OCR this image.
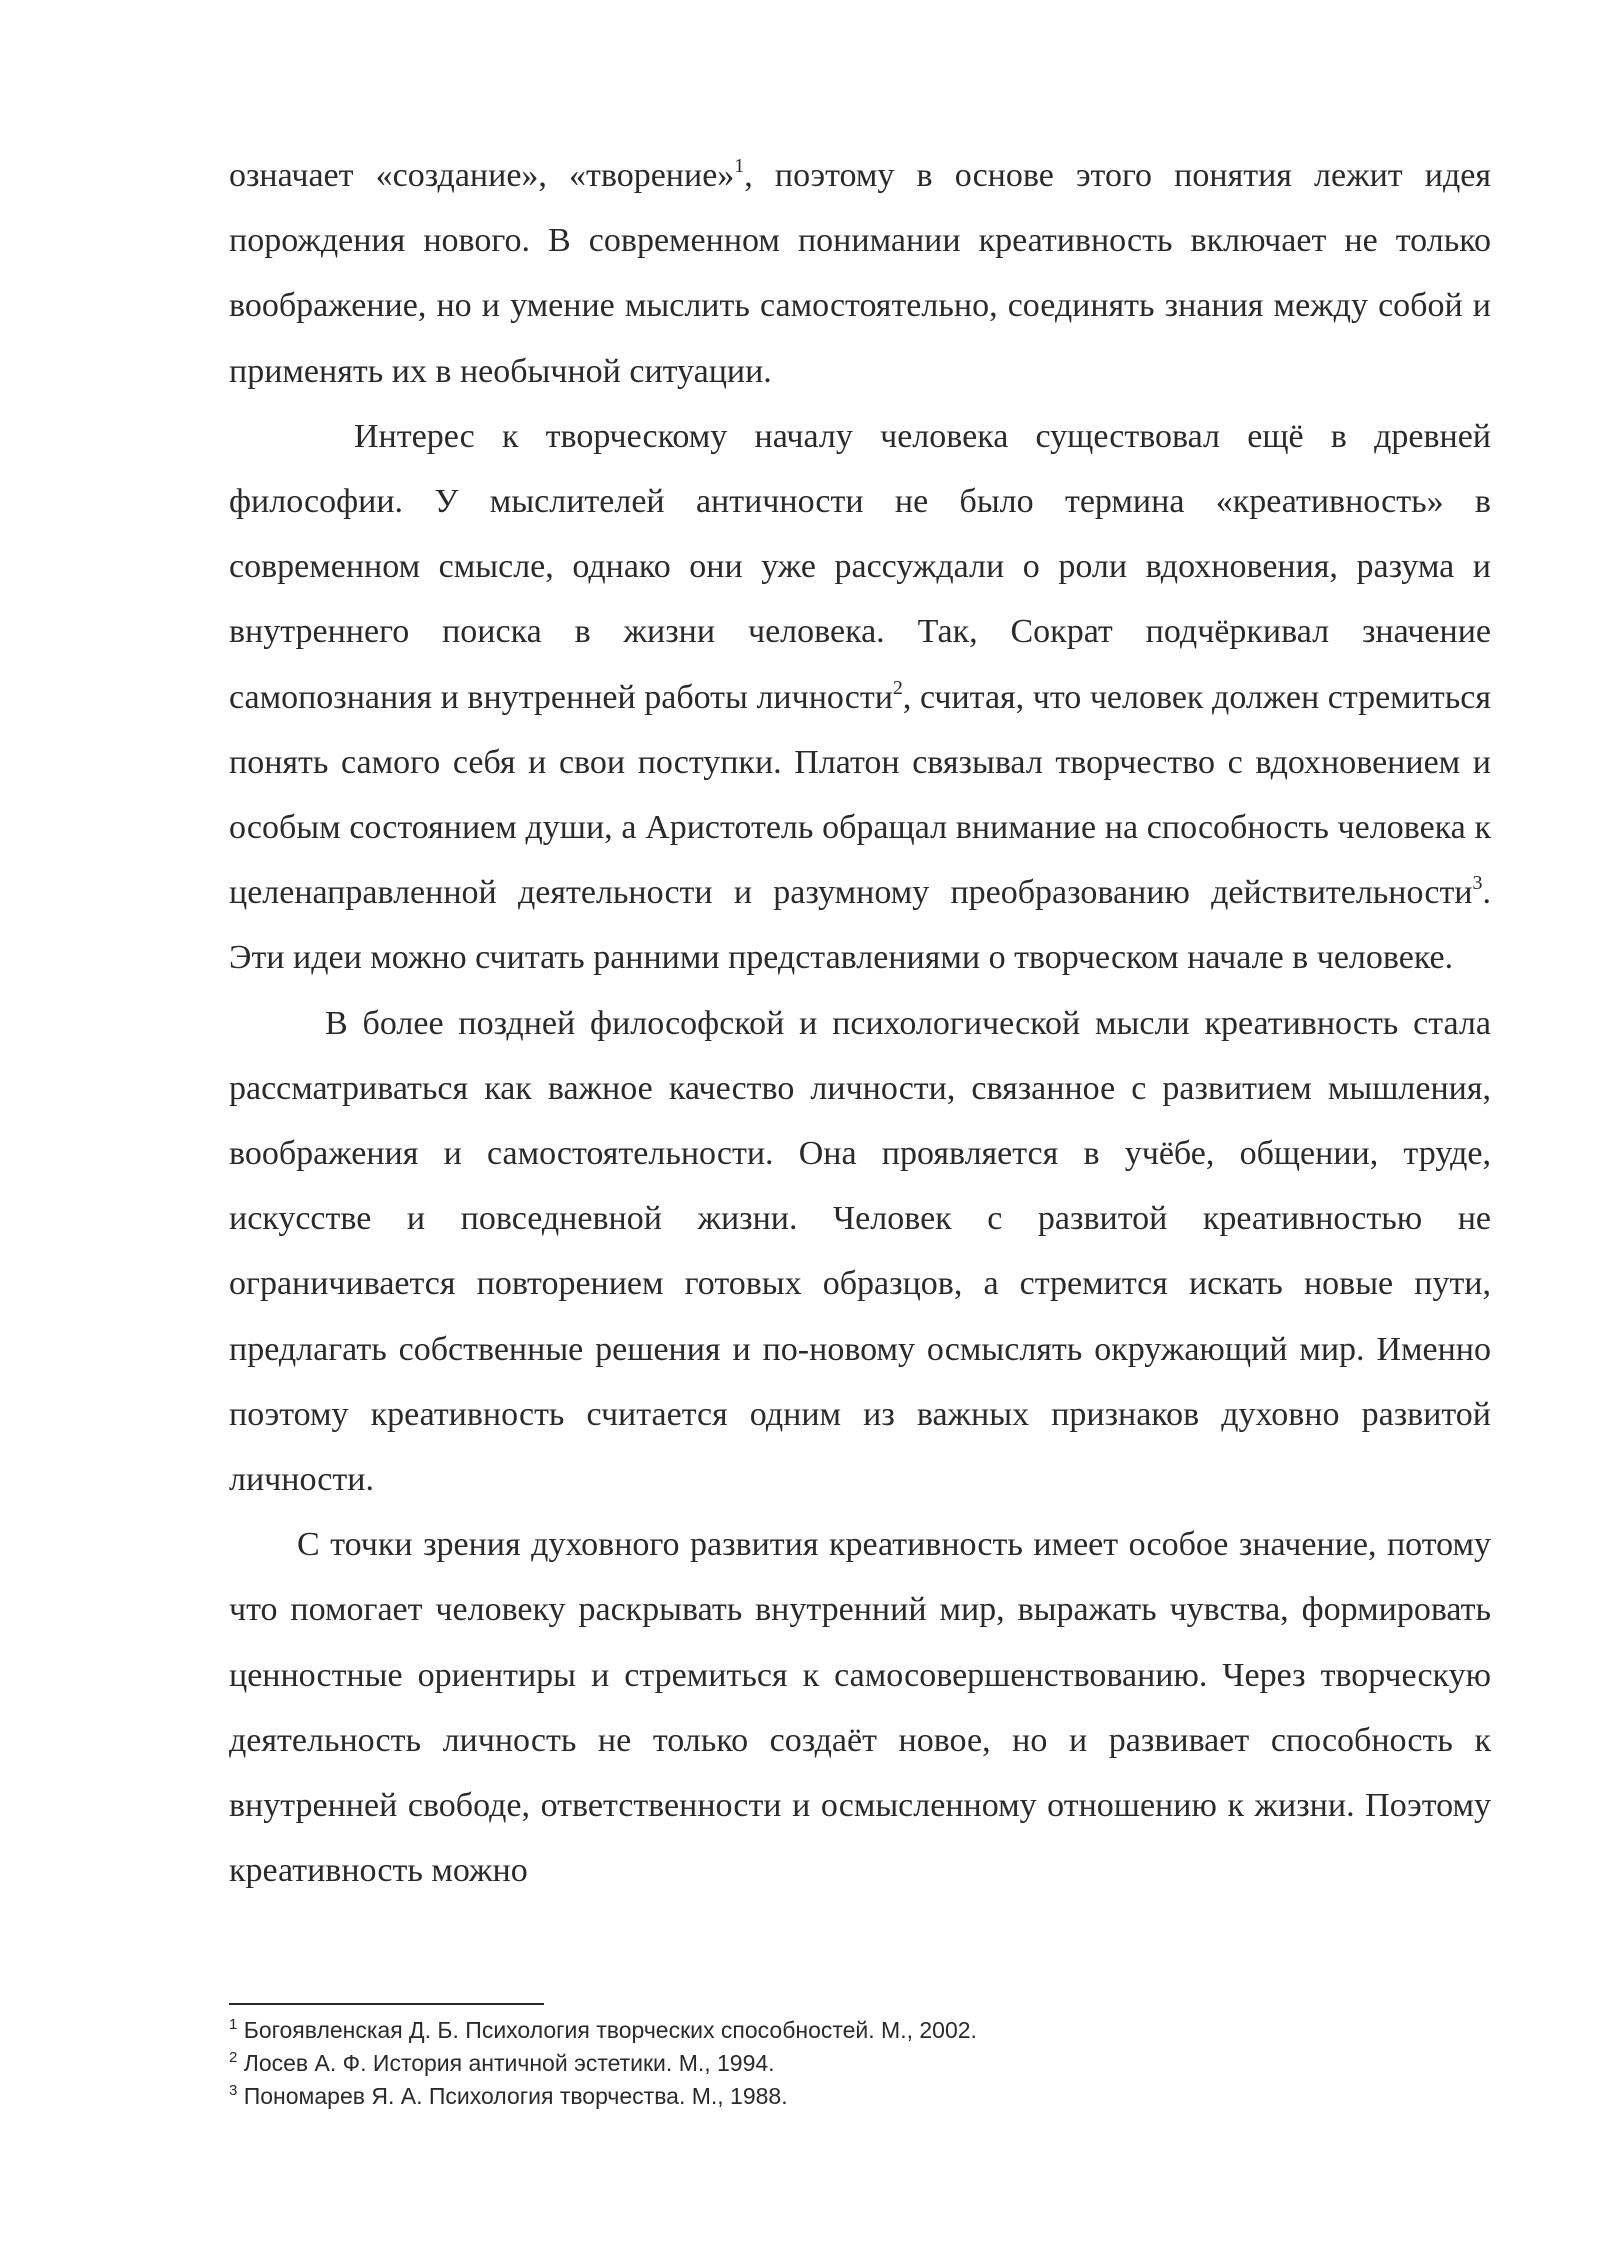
означает «создание», «творение»$^1$, поэтому в основе этого понятия лежит идея порождения нового. В современном понимании креативность включает не только воображение, но и умение мыслить самостоятельно, соединять знания между собой и применять их в необычной ситуации.

Интерес к творческому началу человека существовал ещё в древней философии. У мыслителей античности не было термина «креативность» в современном смысле, однако они уже рассуждали о роли вдохновения, разума и внутреннего поиска в жизни человека. Так, Сократ подчёркивал значение самопознания и внутренней работы личности$^2$, считая, что человек должен стремиться понять самого себя и свои поступки. Платон связывал творчество с вдохновением и особым состоянием души, а Аристотель обращал внимание на способность человека к целенаправленной деятельности и разумному преобразованию действительности$^3$. Эти идеи можно считать ранними представлениями о творческом начале в человеке.

В более поздней философской и психологической мысли креативность стала рассматриваться как важное качество личности, связанное с развитием мышления, воображения и самостоятельности. Она проявляется в учёбе, общении, труде, искусстве и повседневной жизни. Человек с развитой креативностью не ограничивается повторением готовых образцов, а стремится искать новые пути, предлагать собственные решения и по-новому осмыслять окружающий мир. Именно поэтому креативность считается одним из важных признаков духовно развитой личности.

С точки зрения духовного развития креативность имеет особое значение, потому что помогает человеку раскрывать внутренний мир, выражать чувства, формировать ценностные ориентиры и стремиться к самосовершенствованию. Через творческую деятельность личность не только создаёт новое, но и развивает способность к внутренней свободе, ответственности и осмысленному отношению к жизни. Поэтому креативность можно

$^1$ Богоявленская Д. Б. Психология творческих способностей. М., 2002.

$^2$ Лосев А. Ф. История античной эстетики. М., 1994.

$^3$ Пономарев Я. А. Психология творчества. М., 1988.
